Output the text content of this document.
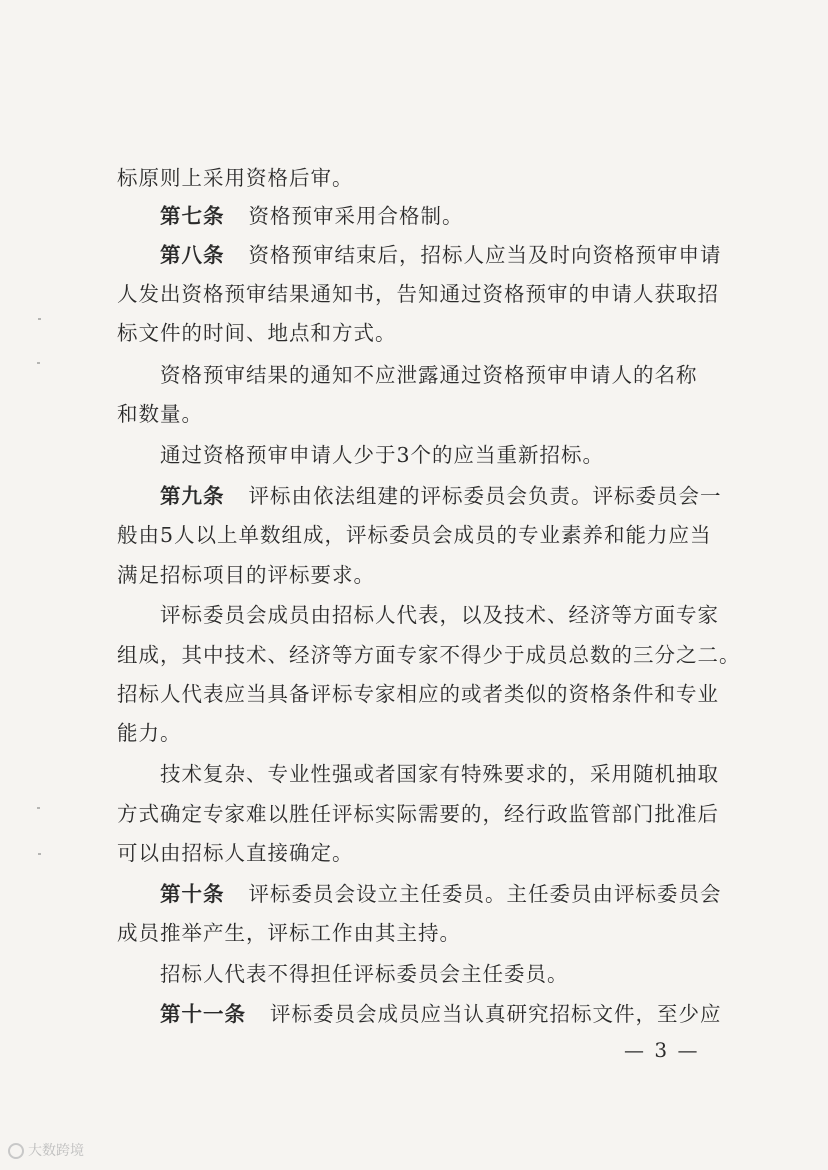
标原则上采用资格后审。
第七条 资格预审采用合格制。
第八条 资格预审结束后，招标人应当及时向资格预审申请
人发出资格预审结果通知书，告知通过资格预审的申请人获取招
标文件的时间、地点和方式。
资格预审结果的通知不应泄露通过资格预审申请人的名称
和数量。
通过资格预审申请人少于3个的应当重新招标。
第九条 评标由依法组建的评标委员会负责。评标委员会一
般由5人以上单数组成，评标委员会成员的专业素养和能力应当
满足招标项目的评标要求。
评标委员会成员由招标人代表，以及技术、经济等方面专家
组成，其中技术、经济等方面专家不得少于成员总数的三分之二。
招标人代表应当具备评标专家相应的或者类似的资格条件和专业
能力。
技术复杂、专业性强或者国家有特殊要求的，采用随机抽取
方式确定专家难以胜任评标实际需要的，经行政监管部门批准后
可以由招标人直接确定。
第十条 评标委员会设立主任委员。主任委员由评标委员会
成员推举产生，评标工作由其主持。
招标人代表不得担任评标委员会主任委员。
第十一条 评标委员会成员应当认真研究招标文件，至少应
— 3 —
大数跨境
